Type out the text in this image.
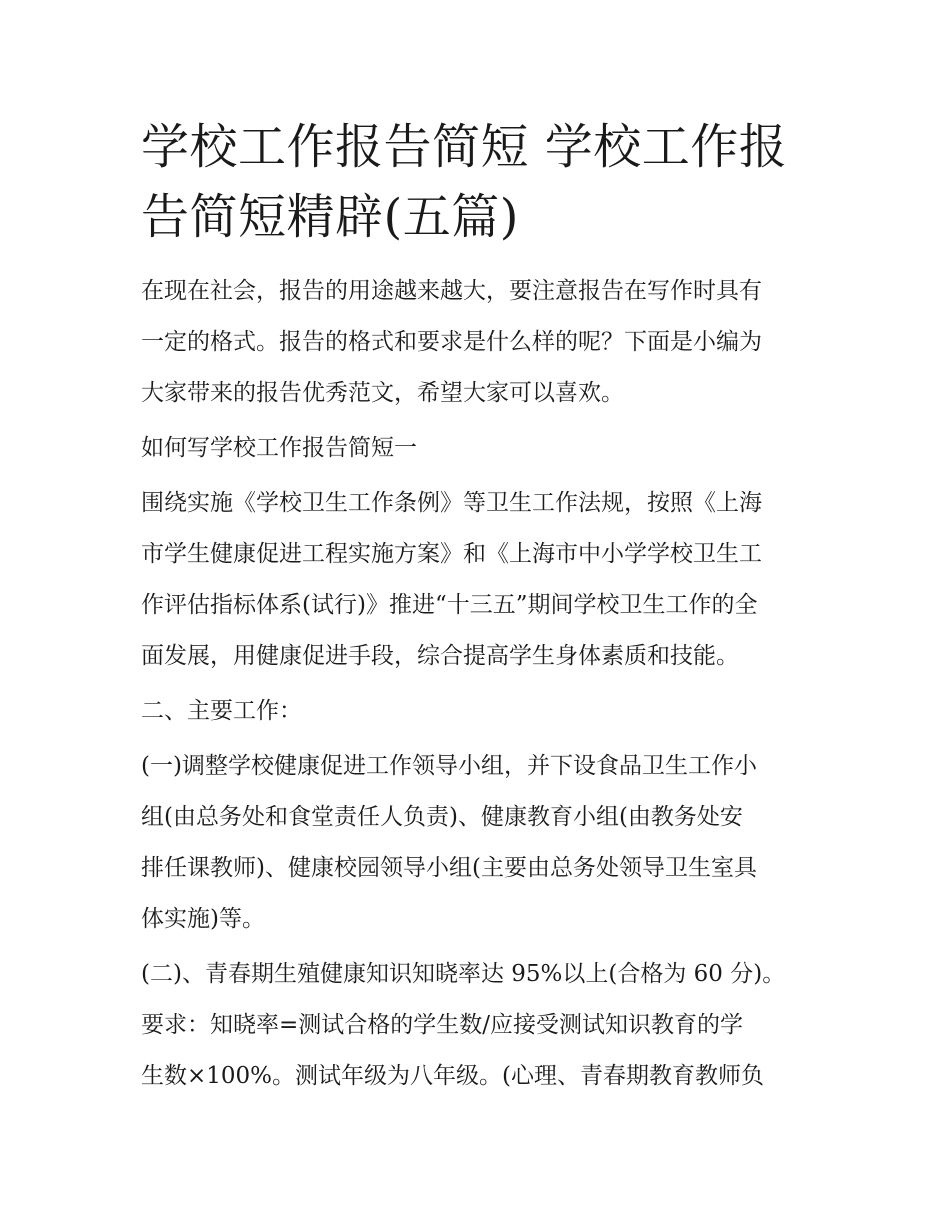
学校工作报告简短 学校工作报
告简短精辟(五篇)
在现在社会，报告的用途越来越大，要注意报告在写作时具有
一定的格式。报告的格式和要求是什么样的呢？下面是小编为
大家带来的报告优秀范文，希望大家可以喜欢。
如何写学校工作报告简短一
围绕实施《学校卫生工作条例》等卫生工作法规，按照《上海
市学生健康促进工程实施方案》和《上海市中小学学校卫生工
作评估指标体系(试行)》推进“十三五”期间学校卫生工作的全
面发展，用健康促进手段，综合提高学生身体素质和技能。
二、主要工作：
(一)调整学校健康促进工作领导小组，并下设食品卫生工作小
组(由总务处和食堂责任人负责)、健康教育小组(由教务处安
排任课教师)、健康校园领导小组(主要由总务处领导卫生室具
体实施)等。
(二)、青春期生殖健康知识知晓率达 95%以上(合格为 60 分)。
要求：知晓率=测试合格的学生数/应接受测试知识教育的学
生数×100%。测试年级为八年级。(心理、青春期教育教师负
